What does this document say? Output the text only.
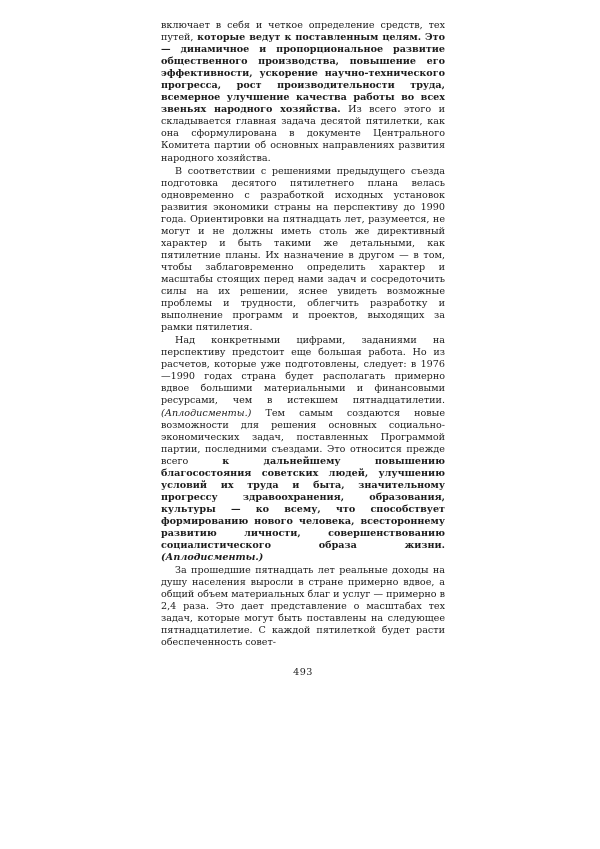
включает в себя и четкое определение средств, тех путей, которые ведут к поставленным целям. Это — динамичное и пропорциональное развитие общественного производства, повышение его эффективности, ускорение научно-технического прогресса, рост производительности труда, всемерное улучшение качества работы во всех звеньях народного хозяйства. Из всего этого и складывается главная задача десятой пятилетки, как она сформулирована в документе Центрального Комитета партии об основных направлениях развития народного хозяйства.

В соответствии с решениями предыдущего съезда подготовка десятого пятилетнего плана велась одновременно с разработкой исходных установок развития экономики страны на перспективу до 1990 года. Ориентировки на пятнадцать лет, разумеется, не могут и не должны иметь столь же директивный характер и быть такими же детальными, как пятилетние планы. Их назначение в другом — в том, чтобы заблаговременно определить характер и масштабы стоящих перед нами задач и сосредоточить силы на их решении, яснее увидеть возможные проблемы и трудности, облегчить разработку и выполнение программ и проектов, выходящих за рамки пятилетия.

Над конкретными цифрами, заданиями на перспективу предстоит еще большая работа. Но из расчетов, которые уже подготовлены, следует: в 1976—1990 годах страна будет располагать примерно вдвое большими материальными и финансовыми ресурсами, чем в истекшем пятнадцатилетии. (Аплодисменты.) Тем самым создаются новые возможности для решения основных социально-экономических задач, поставленных Программой партии, последними съездами. Это относится прежде всего к дальнейшему повышению благосостояния советских людей, улучшению условий их труда и быта, значительному прогрессу здравоохранения, образования, культуры — ко всему, что способствует формированию нового человека, всестороннему развитию личности, совершенствованию социалистического образа жизни. (Аплодисменты.)

За прошедшие пятнадцать лет реальные доходы на душу населения выросли в стране примерно вдвое, а общий объем материальных благ и услуг — примерно в 2,4 раза. Это дает представление о масштабах тех задач, которые могут быть поставлены на следующее пятнадцатилетие. С каждой пятилеткой будет расти обеспеченность совет-

493
